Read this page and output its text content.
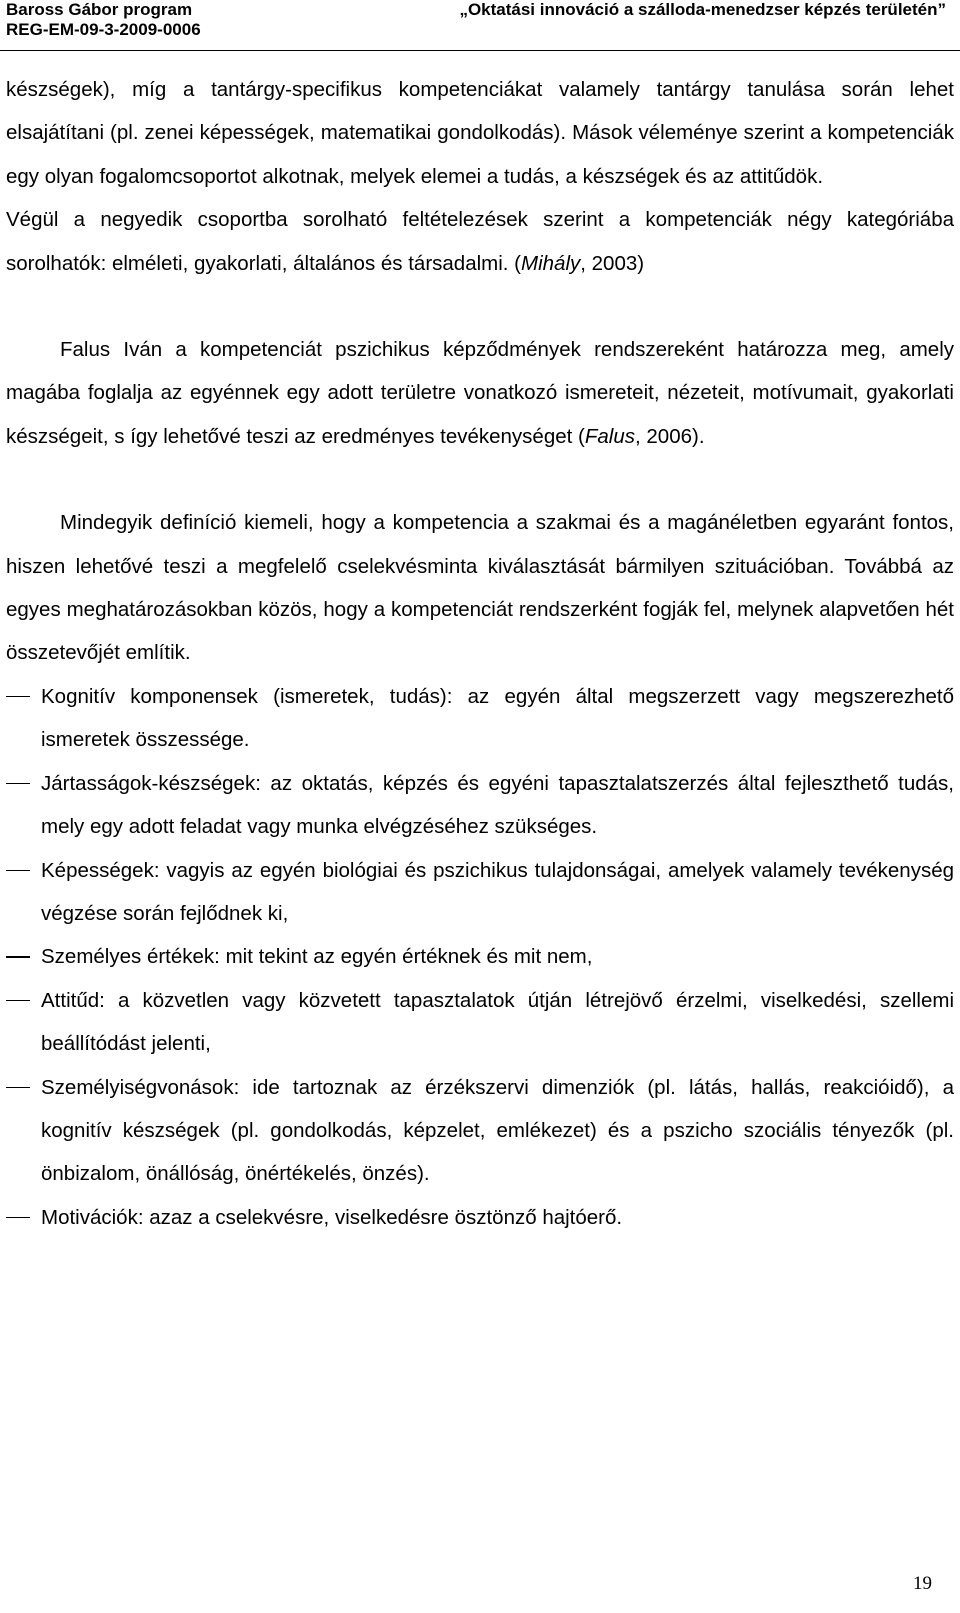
Baross Gábor program	„Oktatási innováció a szálloda-menedzser képzés területén”
REG-EM-09-3-2009-0006

készségek), míg a tantárgy-specifikus kompetenciákat valamely tantárgy tanulása során lehet elsajátítani (pl. zenei képességek, matematikai gondolkodás). Mások véleménye szerint a kompetenciák egy olyan fogalomcsoportot alkotnak, melyek elemei a tudás, a készségek és az attitűdök.

Végül a negyedik csoportba sorolható feltételezések szerint a kompetenciák négy kategóriába sorolhatók: elméleti, gyakorlati, általános és társadalmi. (Mihály, 2003)

Falus Iván a kompetenciát pszichikus képződmények rendszereként határozza meg, amely magába foglalja az egyénnek egy adott területre vonatkozó ismereteit, nézeteit, motívumait, gyakorlati készségeit, s így lehetővé teszi az eredményes tevékenységet (Falus, 2006).

Mindegyik definíció kiemeli, hogy a kompetencia a szakmai és a magánéletben egyaránt fontos, hiszen lehetővé teszi a megfelelő cselekvésminta kiválasztását bármilyen szituációban. Továbbá az egyes meghatározásokban közös, hogy a kompetenciát rendszerként fogják fel, melynek alapvetően hét összetevőjét említik.

Kognitív komponensek (ismeretek, tudás): az egyén által megszerzett vagy megszerezhető ismeretek összessége.
Jártasságok-készségek: az oktatás, képzés és egyéni tapasztalatszerzés által fejleszthető tudás, mely egy adott feladat vagy munka elvégzéséhez szükséges.
Képességek: vagyis az egyén biológiai és pszichikus tulajdonságai, amelyek valamely tevékenység végzése során fejlődnek ki,
Személyes értékek: mit tekint az egyén értéknek és mit nem,
Attitűd: a közvetlen vagy közvetett tapasztalatok útján létrejövő érzelmi, viselkedési, szellemi beállítódást jelenti,
Személyiségvonások: ide tartoznak az érzékszervi dimenziók (pl. látás, hallás, reakcióidő), a kognitív készségek (pl. gondolkodás, képzelet, emlékezet) és a pszicho szociális tényezők (pl. önbizalom, önállóság, önértékelés, önzés).
Motivációk: azaz a cselekvésre, viselkedésre ösztönző hajtóerő.
19
